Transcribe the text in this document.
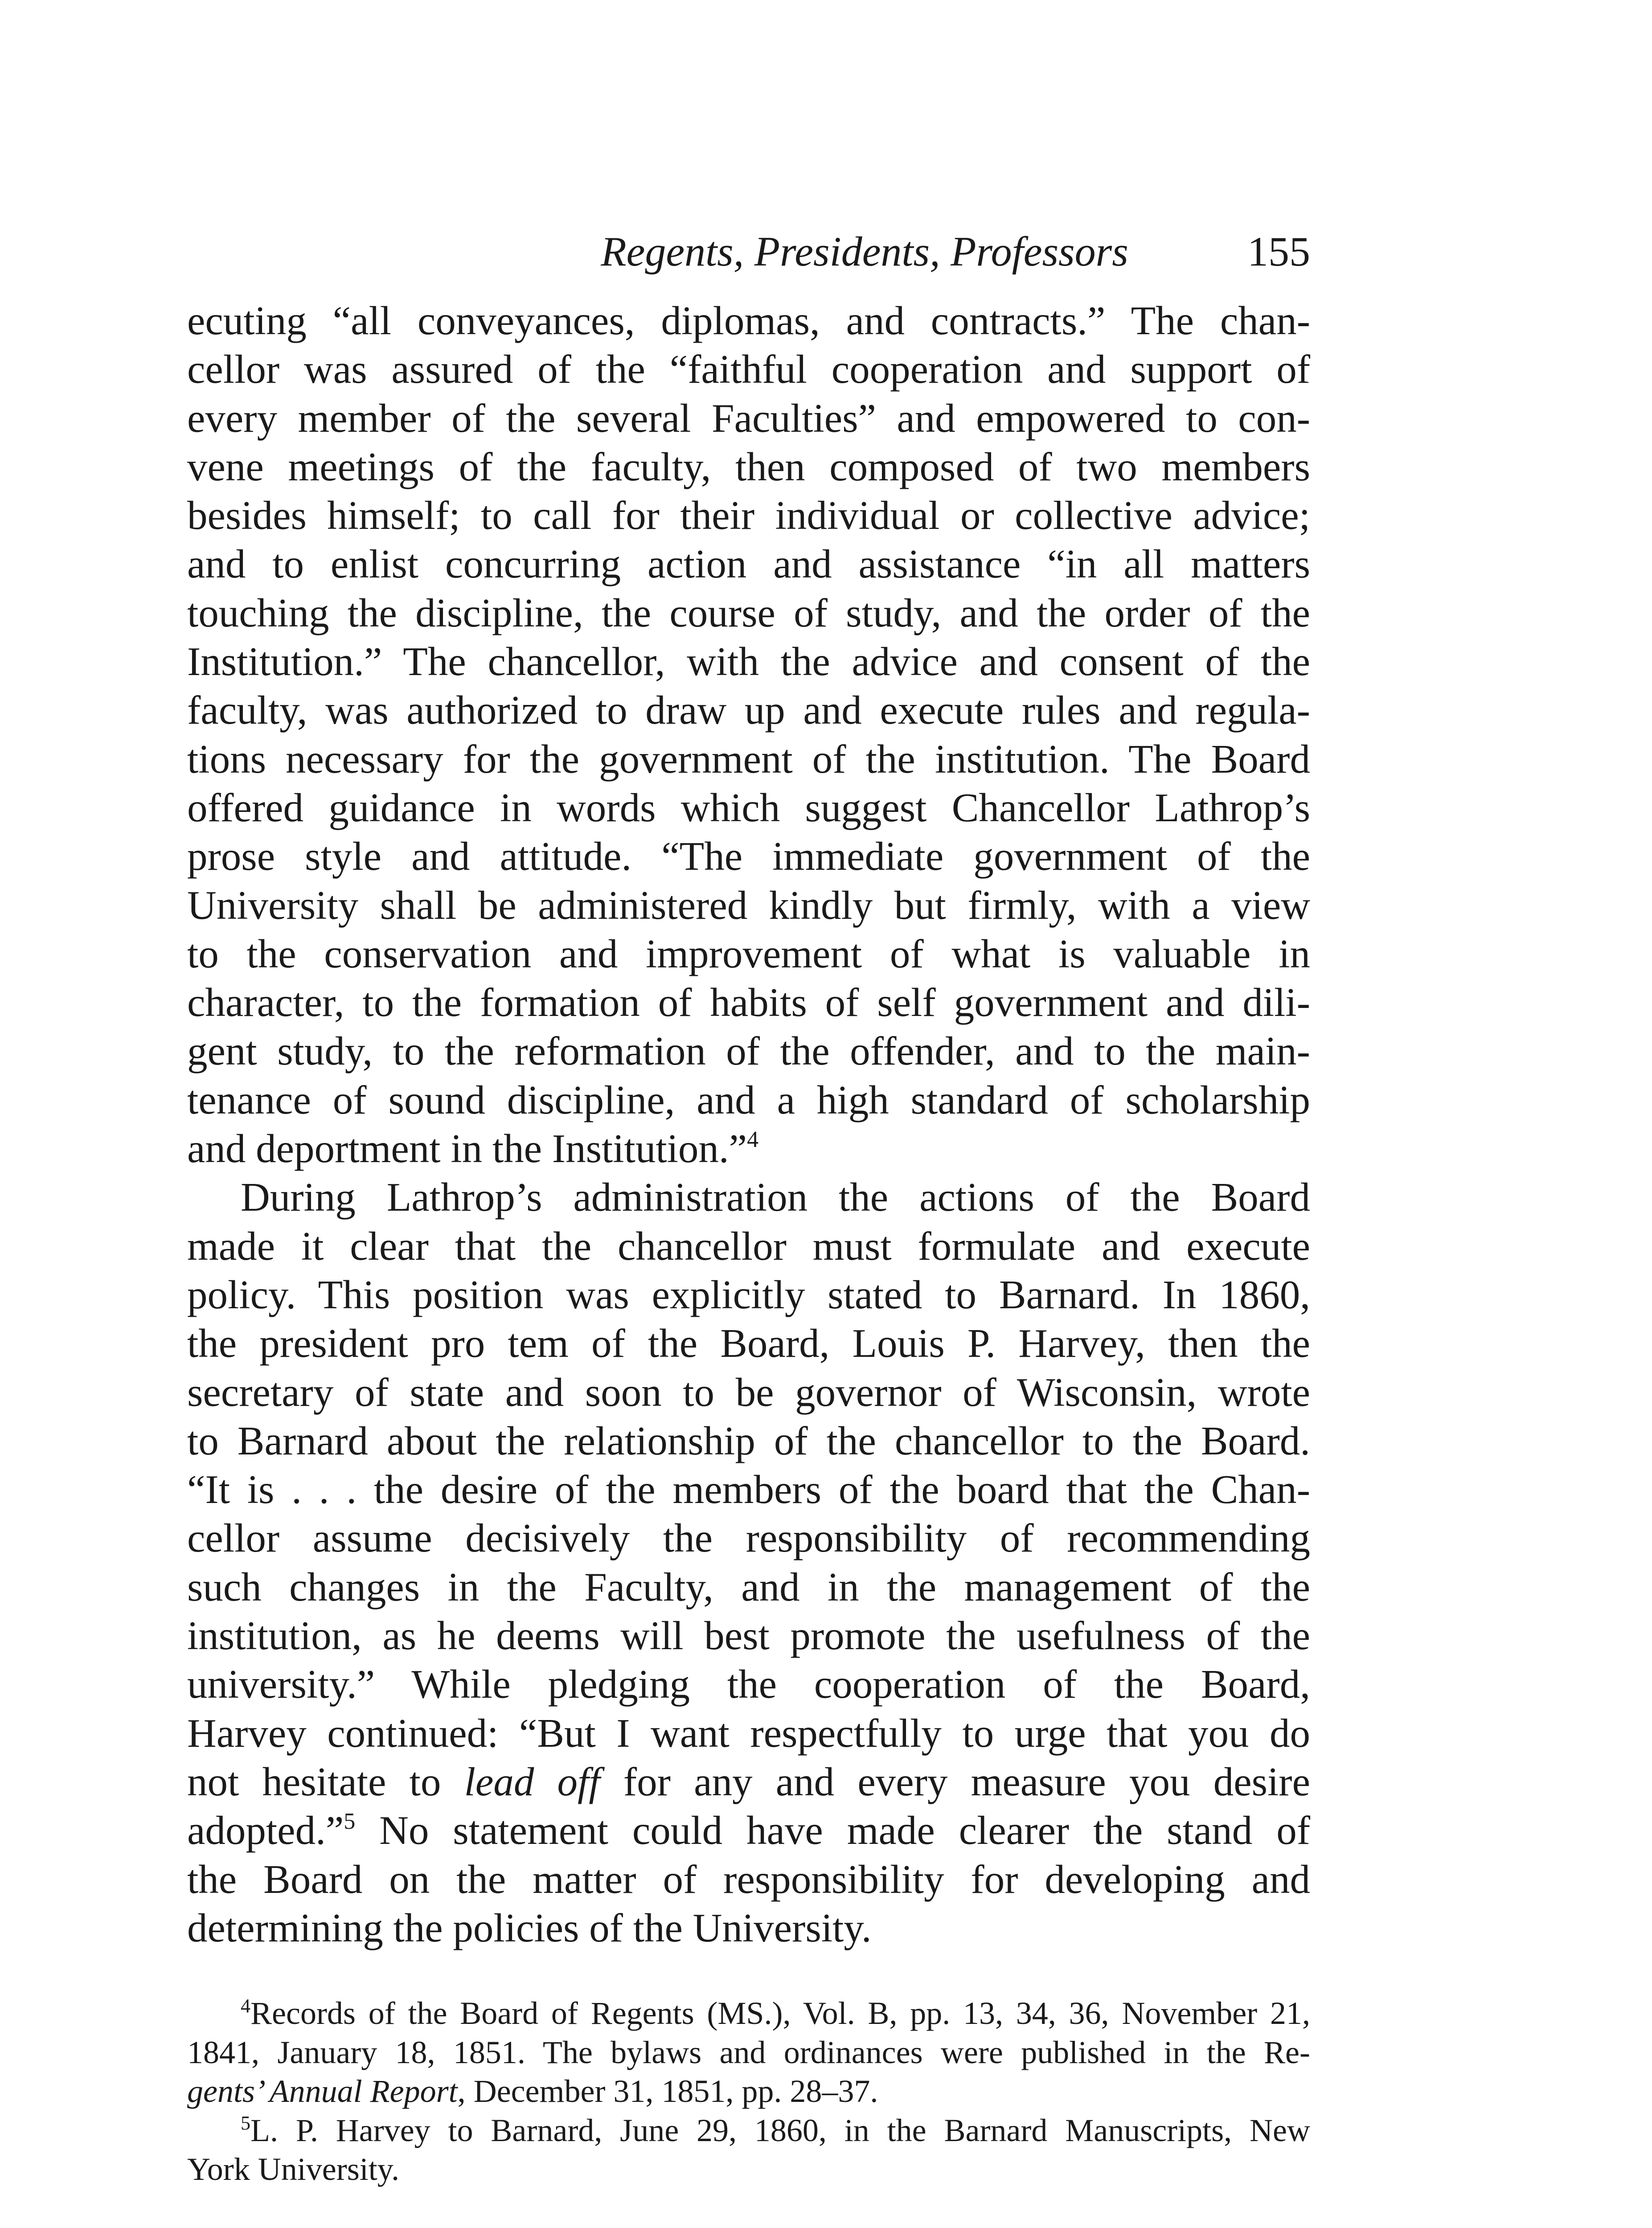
Regents, Presidents, Professors	155
ecuting “all conveyances, diplomas, and contracts.” The chan-
cellor was assured of the “faithful cooperation and support of
every member of the several Faculties” and empowered to con-
vene meetings of the faculty, then composed of two members
besides himself; to call for their individual or collective advice;
and to enlist concurring action and assistance “in all matters
touching the discipline, the course of study, and the order of the
Institution.” The chancellor, with the advice and consent of the
faculty, was authorized to draw up and execute rules and regula-
tions necessary for the government of the institution. The Board
offered guidance in words which suggest Chancellor Lathrop’s
prose style and attitude. “The immediate government of the
University shall be administered kindly but firmly, with a view
to the conservation and improvement of what is valuable in
character, to the formation of habits of self government and dili-
gent study, to the reformation of the offender, and to the main-
tenance of sound discipline, and a high standard of scholarship
and deportment in the Institution.”$^4$
During Lathrop’s administration the actions of the Board
made it clear that the chancellor must formulate and execute
policy. This position was explicitly stated to Barnard. In 1860,
the president pro tem of the Board, Louis P. Harvey, then the
secretary of state and soon to be governor of Wisconsin, wrote
to Barnard about the relationship of the chancellor to the Board.
“It is . . . the desire of the members of the board that the Chan-
cellor assume decisively the responsibility of recommending
such changes in the Faculty, and in the management of the
institution, as he deems will best promote the usefulness of the
university.” While pledging the cooperation of the Board,
Harvey continued: “But I want respectfully to urge that you do
not hesitate to lead off for any and every measure you desire
adopted.”$^5$ No statement could have made clearer the stand of
the Board on the matter of responsibility for developing and
determining the policies of the University.
$^4$Records of the Board of Regents (MS.), Vol. B, pp. 13, 34, 36, November 21,
1841, January 18, 1851. The bylaws and ordinances were published in the Re-
gents’ Annual Report, December 31, 1851, pp. 28–37.
$^5$L. P. Harvey to Barnard, June 29, 1860, in the Barnard Manuscripts, New
York University.
